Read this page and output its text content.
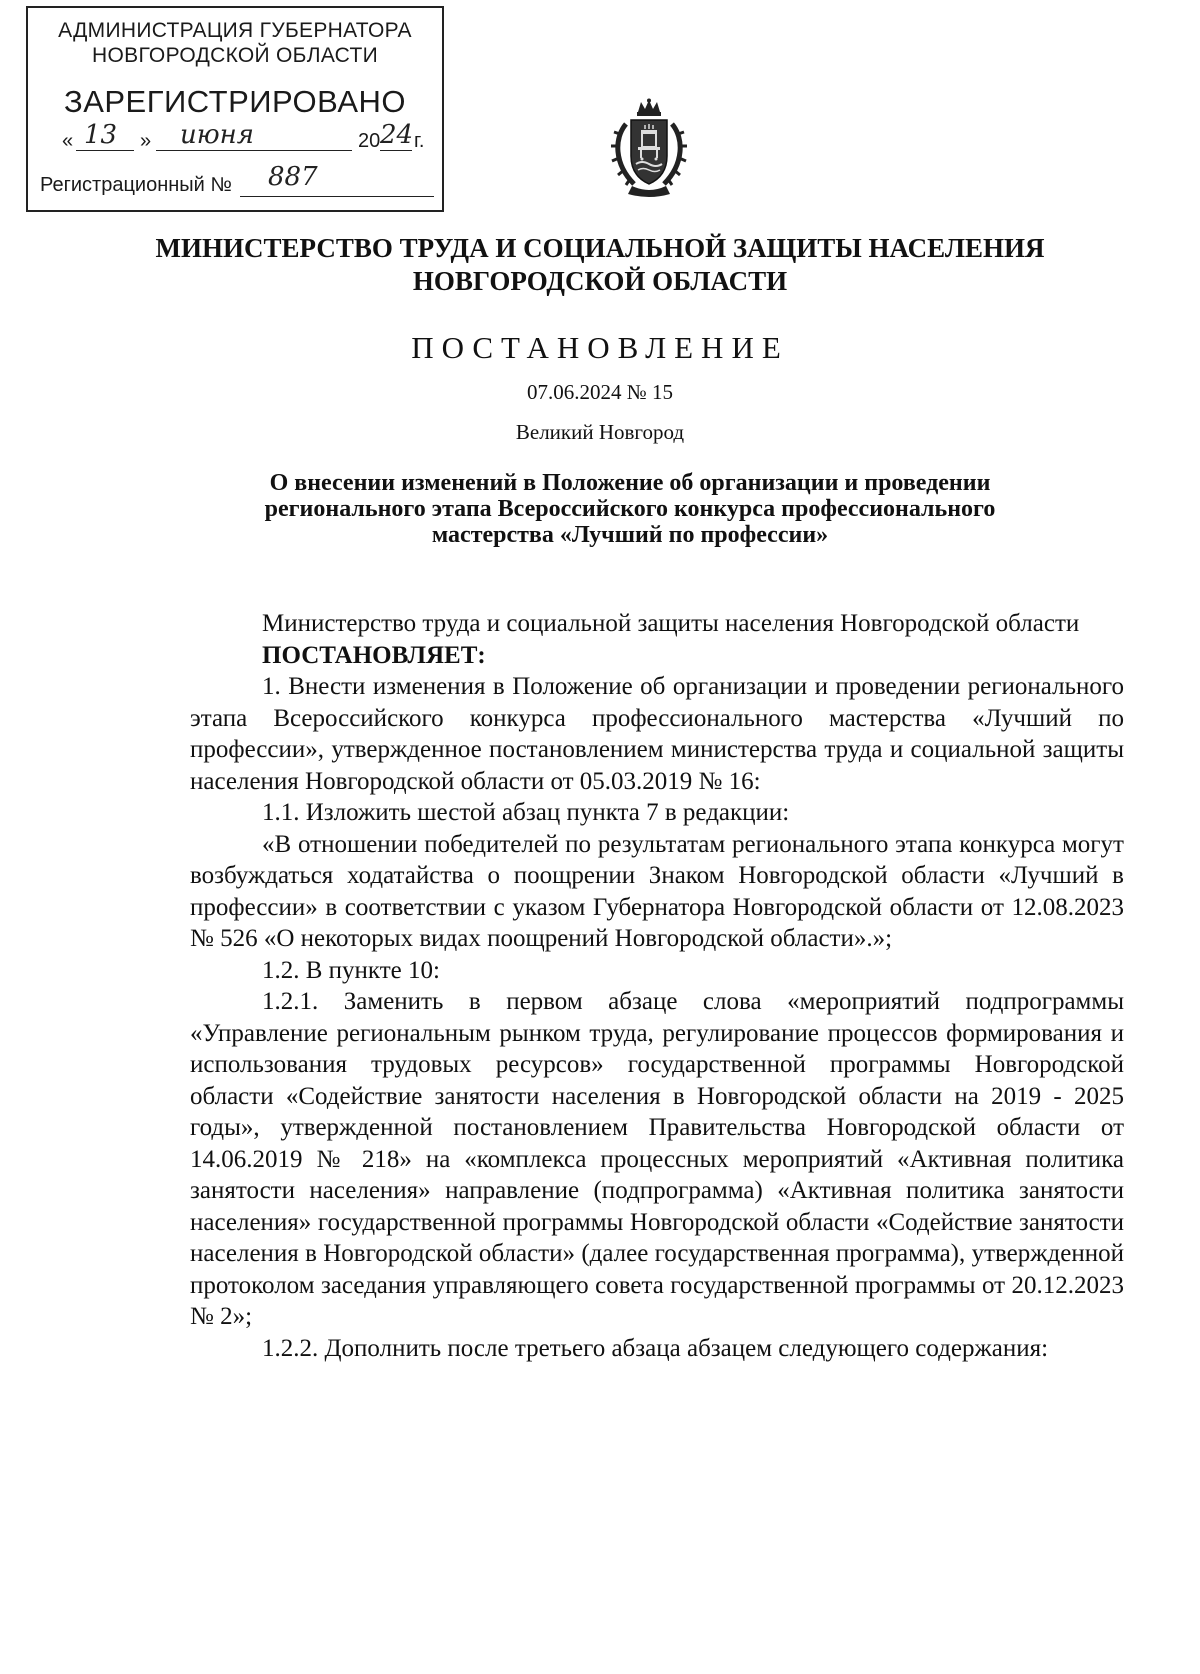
АДМИНИСТРАЦИЯ ГУБЕРНАТОРА
НОВГОРОДСКОЙ ОБЛАСТИ
ЗАРЕГИСТРИРОВАНО
« 13 » июня	20 24 г.
Регистрационный № 887
МИНИСТЕРСТВО ТРУДА И СОЦИАЛЬНОЙ ЗАЩИТЫ НАСЕЛЕНИЯ
НОВГОРОДСКОЙ ОБЛАСТИ
ПОСТАНОВЛЕНИЕ
07.06.2024 № 15
Великий Новгород
О внесении изменений в Положение об организации и проведении
регионального этапа Всероссийского конкурса профессионального
мастерства «Лучший по профессии»

Министерство труда и социальной защиты населения Новгородской области

ПОСТАНОВЛЯЕТ:

1. Внести изменения в Положение об организации и проведении регионального этапа Всероссийского конкурса профессионального мастерства «Лучший по профессии», утвержденное постановлением министерства труда и социальной защиты населения Новгородской области от 05.03.2019 № 16:

1.1. Изложить шестой абзац пункта 7 в редакции:

«В отношении победителей по результатам регионального этапа конкурса могут возбуждаться ходатайства о поощрении Знаком Новгородской области «Лучший в профессии» в соответствии с указом Губернатора Новгородской области от 12.08.2023 № 526 «О некоторых видах поощрений Новгородской области».»;

1.2. В пункте 10:

1.2.1. Заменить в первом абзаце слова «мероприятий подпрограммы «Управление региональным рынком труда, регулирование процессов формирования и использования трудовых ресурсов» государственной программы Новгородской области «Содействие занятости населения в Новгородской области на 2019 - 2025 годы», утвержденной постановлением Правительства Новгородской области от 14.06.2019 № 218» на «комплекса процессных мероприятий «Активная политика занятости населения» направление (подпрограмма) «Активная политика занятости населения» государственной программы Новгородской области «Содействие занятости населения в Новгородской области» (далее государственная программа), утвержденной протоколом заседания управляющего совета государственной программы от 20.12.2023 № 2»;

1.2.2. Дополнить после третьего абзаца абзацем следующего содержания:
